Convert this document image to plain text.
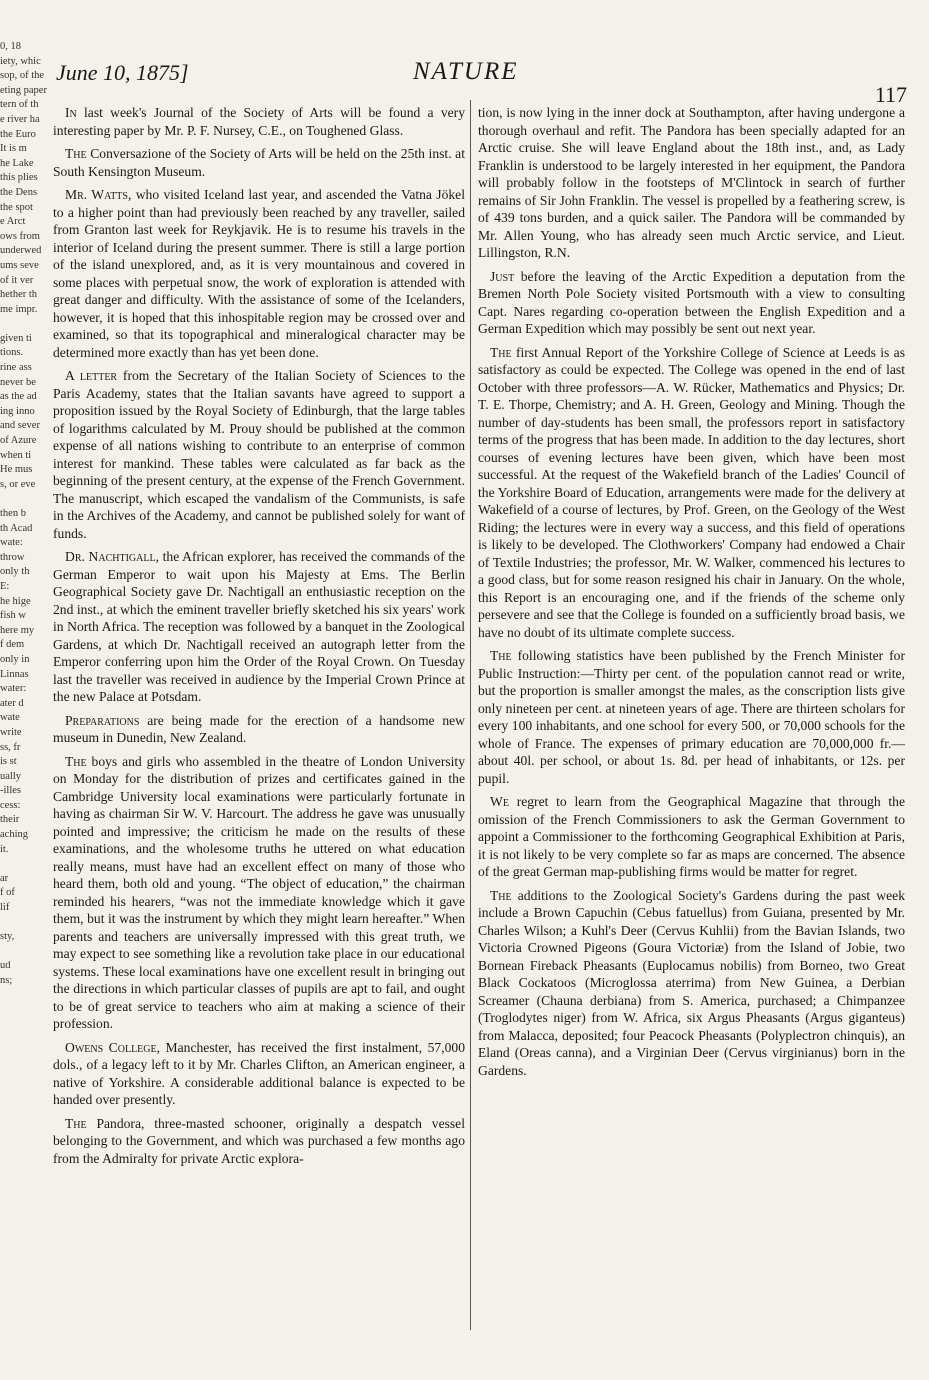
0, 18
iety, whic
sop, of the
eting paper
tern of th
e river ha
the Euro
It is m
he Lake
this plies
the Dens
the spot
e Arct
ows from
underwed
ums seve
of it ver
hether th
me impr.

given ti
tions.
rine ass
never be
as the ad
ing inno
and sever
of Azure
when ti
He mus
s, or eve

then b
th Acad
wate:
throw
only th
E:
he hige
fish w
here my
f dem
only in
Linnas
water:
ater d
wate
write
ss, fr
is st
ually
-illes
cess:
their
aching
it.

ar
f of
lif

sty,

ud
ns;
June 10, 1875]	NATURE
117

In last week's Journal of the Society of Arts will be found a very interesting paper by Mr. P. F. Nursey, C.E., on Toughened Glass.

The Conversazione of the Society of Arts will be held on the 25th inst. at South Kensington Museum.

Mr. Watts, who visited Iceland last year, and ascended the Vatna Jökel to a higher point than had previously been reached by any traveller, sailed from Granton last week for Reykjavik. He is to resume his travels in the interior of Iceland during the present summer. There is still a large portion of the island unexplored, and, as it is very mountainous and covered in some places with perpetual snow, the work of exploration is attended with great danger and difficulty. With the assistance of some of the Icelanders, however, it is hoped that this inhospitable region may be crossed over and examined, so that its topographical and mineralogical character may be determined more exactly than has yet been done.

A letter from the Secretary of the Italian Society of Sciences to the Paris Academy, states that the Italian savants have agreed to support a proposition issued by the Royal Society of Edinburgh, that the large tables of logarithms calculated by M. Prouy should be published at the common expense of all nations wishing to contribute to an enterprise of common interest for mankind. These tables were calculated as far back as the beginning of the present century, at the expense of the French Government. The manuscript, which escaped the vandalism of the Communists, is safe in the Archives of the Academy, and cannot be published solely for want of funds.

Dr. Nachtigall, the African explorer, has received the commands of the German Emperor to wait upon his Majesty at Ems. The Berlin Geographical Society gave Dr. Nachtigall an enthusiastic reception on the 2nd inst., at which the eminent traveller briefly sketched his six years' work in North Africa. The reception was followed by a banquet in the Zoological Gardens, at which Dr. Nachtigall received an autograph letter from the Emperor conferring upon him the Order of the Royal Crown. On Tuesday last the traveller was received in audience by the Imperial Crown Prince at the new Palace at Potsdam.

Preparations are being made for the erection of a handsome new museum in Dunedin, New Zealand.

The boys and girls who assembled in the theatre of London University on Monday for the distribution of prizes and certificates gained in the Cambridge University local examinations were particularly fortunate in having as chairman Sir W. V. Harcourt. The address he gave was unusually pointed and impressive; the criticism he made on the results of these examinations, and the wholesome truths he uttered on what education really means, must have had an excellent effect on many of those who heard them, both old and young. “The object of education,” the chairman reminded his hearers, “was not the immediate knowledge which it gave them, but it was the instrument by which they might learn hereafter.” When parents and teachers are universally impressed with this great truth, we may expect to see something like a revolution take place in our educational systems. These local examinations have one excellent result in bringing out the directions in which particular classes of pupils are apt to fail, and ought to be of great service to teachers who aim at making a science of their profession.

Owens College, Manchester, has received the first instalment, 57,000 dols., of a legacy left to it by Mr. Charles Clifton, an American engineer, a native of Yorkshire. A considerable additional balance is expected to be handed over presently.

The Pandora, three-masted schooner, originally a despatch vessel belonging to the Government, and which was purchased a few months ago from the Admiralty for private Arctic explora-

tion, is now lying in the inner dock at Southampton, after having undergone a thorough overhaul and refit. The Pandora has been specially adapted for an Arctic cruise. She will leave England about the 18th inst., and, as Lady Franklin is understood to be largely interested in her equipment, the Pandora will probably follow in the footsteps of M'Clintock in search of further remains of Sir John Franklin. The vessel is propelled by a feathering screw, is of 439 tons burden, and a quick sailer. The Pandora will be commanded by Mr. Allen Young, who has already seen much Arctic service, and Lieut. Lillingston, R.N.

Just before the leaving of the Arctic Expedition a deputation from the Bremen North Pole Society visited Portsmouth with a view to consulting Capt. Nares regarding co-operation between the English Expedition and a German Expedition which may possibly be sent out next year.

The first Annual Report of the Yorkshire College of Science at Leeds is as satisfactory as could be expected. The College was opened in the end of last October with three professors—A. W. Rücker, Mathematics and Physics; Dr. T. E. Thorpe, Chemistry; and A. H. Green, Geology and Mining. Though the number of day-students has been small, the professors report in satisfactory terms of the progress that has been made. In addition to the day lectures, short courses of evening lectures have been given, which have been most successful. At the request of the Wakefield branch of the Ladies' Council of the Yorkshire Board of Education, arrangements were made for the delivery at Wakefield of a course of lectures, by Prof. Green, on the Geology of the West Riding; the lectures were in every way a success, and this field of operations is likely to be developed. The Clothworkers' Company had endowed a Chair of Textile Industries; the professor, Mr. W. Walker, commenced his lectures to a good class, but for some reason resigned his chair in January. On the whole, this Report is an encouraging one, and if the friends of the scheme only persevere and see that the College is founded on a sufficiently broad basis, we have no doubt of its ultimate complete success.

The following statistics have been published by the French Minister for Public Instruction:—Thirty per cent. of the population cannot read or write, but the proportion is smaller amongst the males, as the conscription lists give only nineteen per cent. at nineteen years of age. There are thirteen scholars for every 100 inhabitants, and one school for every 500, or 70,000 schools for the whole of France. The expenses of primary education are 70,000,000 fr.—about 40l. per school, or about 1s. 8d. per head of inhabitants, or 12s. per pupil.

We regret to learn from the Geographical Magazine that through the omission of the French Commissioners to ask the German Government to appoint a Commissioner to the forthcoming Geographical Exhibition at Paris, it is not likely to be very complete so far as maps are concerned. The absence of the great German map-publishing firms would be matter for regret.

The additions to the Zoological Society's Gardens during the past week include a Brown Capuchin (Cebus fatuellus) from Guiana, presented by Mr. Charles Wilson; a Kuhl's Deer (Cervus Kuhlii) from the Bavian Islands, two Victoria Crowned Pigeons (Goura Victoriæ) from the Island of Jobie, two Bornean Fireback Pheasants (Euplocamus nobilis) from Borneo, two Great Black Cockatoos (Microglossa aterrima) from New Guinea, a Derbian Screamer (Chauna derbiana) from S. America, purchased; a Chimpanzee (Troglodytes niger) from W. Africa, six Argus Pheasants (Argus giganteus) from Malacca, deposited; four Peacock Pheasants (Polyplectron chinquis), an Eland (Oreas canna), and a Virginian Deer (Cervus virginianus) born in the Gardens.
